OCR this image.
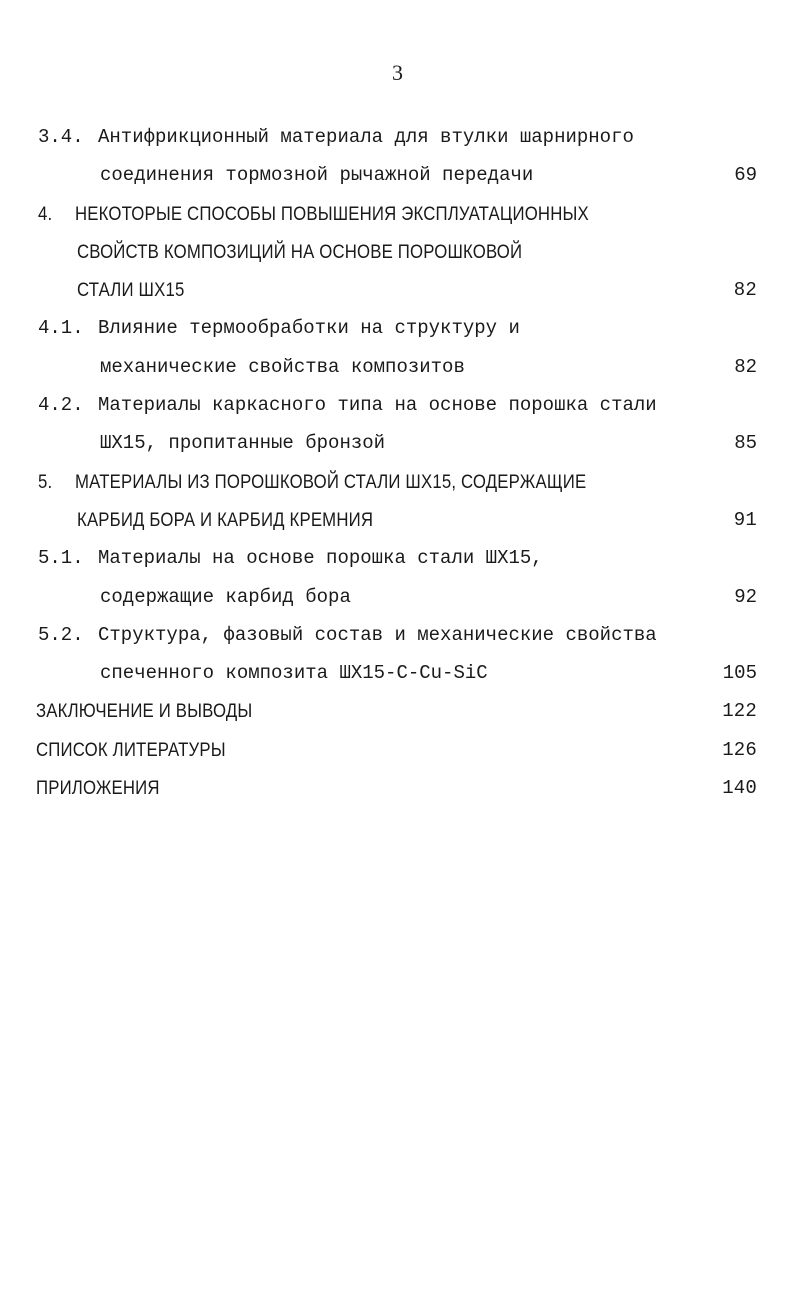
3
3.4. Антифрикционный материала для втулки шарнирного
соединения тормозной рычажной передачи	69
4. НЕКОТОРЫЕ СПОСОБЫ ПОВЫШЕНИЯ ЭКСПЛУАТАЦИОННЫХ
СВОЙСТВ КОМПОЗИЦИЙ НА ОСНОВЕ ПОРОШКОВОЙ
СТАЛИ ШХ15	82
4.1. Влияние термообработки на структуру и
механические свойства композитов	82
4.2. Материалы каркасного типа на основе порошка стали
ШХ15, пропитанные бронзой	85
5. МАТЕРИАЛЫ ИЗ ПОРОШКОВОЙ СТАЛИ ШХ15, СОДЕРЖАЩИЕ
КАРБИД БОРА И КАРБИД КРЕМНИЯ	91
5.1. Материалы на основе порошка стали ШХ15,
содержащие карбид бора	92
5.2. Структура, фазовый состав и механические свойства
спеченного композита ШХ15-С-Cu-SiC	105
ЗАКЛЮЧЕНИЕ И ВЫВОДЫ	122
СПИСОК ЛИТЕРАТУРЫ	126
ПРИЛОЖЕНИЯ	140
